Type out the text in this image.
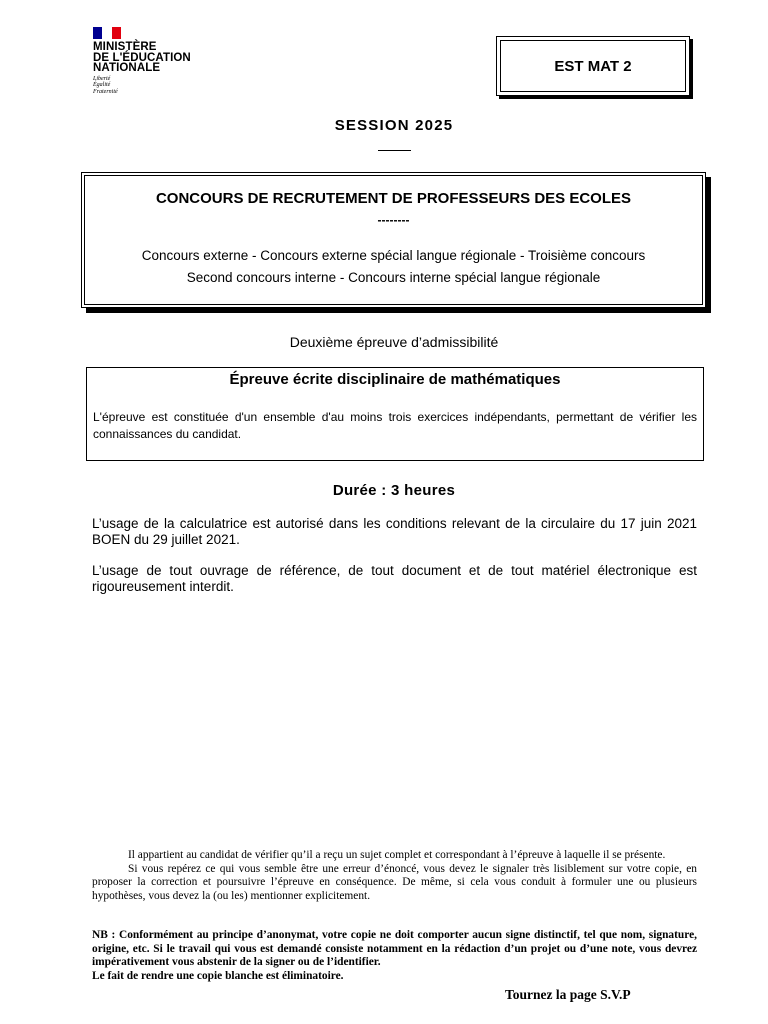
MINISTÈRE
DE L'ÉDUCATION
NATIONALE
Liberté
Égalité
Fraternité
EST MAT 2
SESSION 2025
CONCOURS DE RECRUTEMENT DE PROFESSEURS DES ECOLES
--------
Concours externe - Concours externe spécial langue régionale - Troisième concours
Second concours interne - Concours interne spécial langue régionale
Deuxième épreuve d’admissibilité
Épreuve écrite disciplinaire de mathématiques
L'épreuve est constituée d'un ensemble d'au moins trois exercices indépendants, permettant de vérifier les connaissances du candidat.
Durée : 3 heures
L’usage de la calculatrice est autorisé dans les conditions relevant de la circulaire du 17 juin 2021 BOEN du 29 juillet 2021.
L’usage de tout ouvrage de référence, de tout document et de tout matériel électronique est rigoureusement interdit.

Il appartient au candidat de vérifier qu’il a reçu un sujet complet et correspondant à l’épreuve à laquelle il se présente.

Si vous repérez ce qui vous semble être une erreur d’énoncé, vous devez le signaler très lisiblement sur votre copie, en proposer la correction et poursuivre l’épreuve en conséquence. De même, si cela vous conduit à formuler une ou plusieurs hypothèses, vous devez la (ou les) mentionner explicitement.

NB : Conformément au principe d’anonymat, votre copie ne doit comporter aucun signe distinctif, tel que nom, signature, origine, etc. Si le travail qui vous est demandé consiste notamment en la rédaction d’un projet ou d’une note, vous devrez impérativement vous abstenir de la signer ou de l’identifier.

Le fait de rendre une copie blanche est éliminatoire.

Tournez la page S.V.P
